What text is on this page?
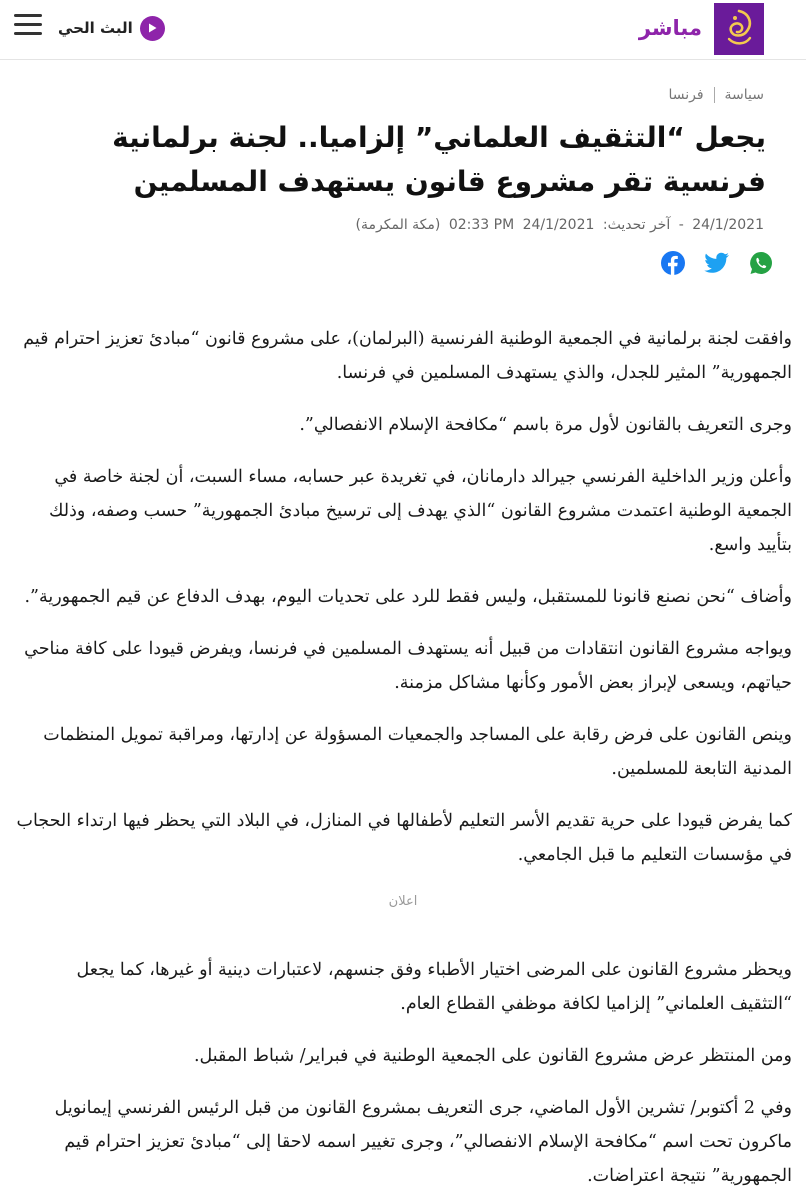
مباشر
البث الحي
سياسة
فرنسا
يجعل “التثقيف العلماني” إلزاميا.. لجنة برلمانية فرنسية تقر مشروع قانون يستهدف المسلمين
24/1/2021 - آخر تحديث: 24/1/2021 02:33 PM (مكة المكرمة)

وافقت لجنة برلمانية في الجمعية الوطنية الفرنسية (البرلمان)، على مشروع قانون “مبادئ تعزيز احترام قيم الجمهورية” المثير للجدل، والذي يستهدف المسلمين في فرنسا.

وجرى التعريف بالقانون لأول مرة باسم “مكافحة الإسلام الانفصالي”.

وأعلن وزير الداخلية الفرنسي جيرالد دارمانان، في تغريدة عبر حسابه، مساء السبت، أن لجنة خاصة في الجمعية الوطنية اعتمدت مشروع القانون “الذي يهدف إلى ترسيخ مبادئ الجمهورية” حسب وصفه، وذلك بتأييد واسع.

وأضاف “نحن نصنع قانونا للمستقبل، وليس فقط للرد على تحديات اليوم، بهدف الدفاع عن قيم الجمهورية”.

ويواجه مشروع القانون انتقادات من قبيل أنه يستهدف المسلمين في فرنسا، ويفرض قيودا على كافة مناحي حياتهم، ويسعى لإبراز بعض الأمور وكأنها مشاكل مزمنة.

وينص القانون على فرض رقابة على المساجد والجمعيات المسؤولة عن إدارتها، ومراقبة تمويل المنظمات المدنية التابعة للمسلمين.

كما يفرض قيودا على حرية تقديم الأسر التعليم لأطفالها في المنازل، في البلاد التي يحظر فيها ارتداء الحجاب في مؤسسات التعليم ما قبل الجامعي.

اعلان

ويحظر مشروع القانون على المرضى اختيار الأطباء وفق جنسهم، لاعتبارات دينية أو غيرها، كما يجعل “التثقيف العلماني” إلزاميا لكافة موظفي القطاع العام.

ومن المنتظر عرض مشروع القانون على الجمعية الوطنية في فبراير/ شباط المقبل.

وفي 2 أكتوبر/ تشرين الأول الماضي، جرى التعريف بمشروع القانون من قبل الرئيس الفرنسي إيمانويل ماكرون تحت اسم “مكافحة الإسلام الانفصالي”، وجرى تغيير اسمه لاحقا إلى “مبادئ تعزيز احترام قيم الجمهورية” نتيجة اعتراضات.
